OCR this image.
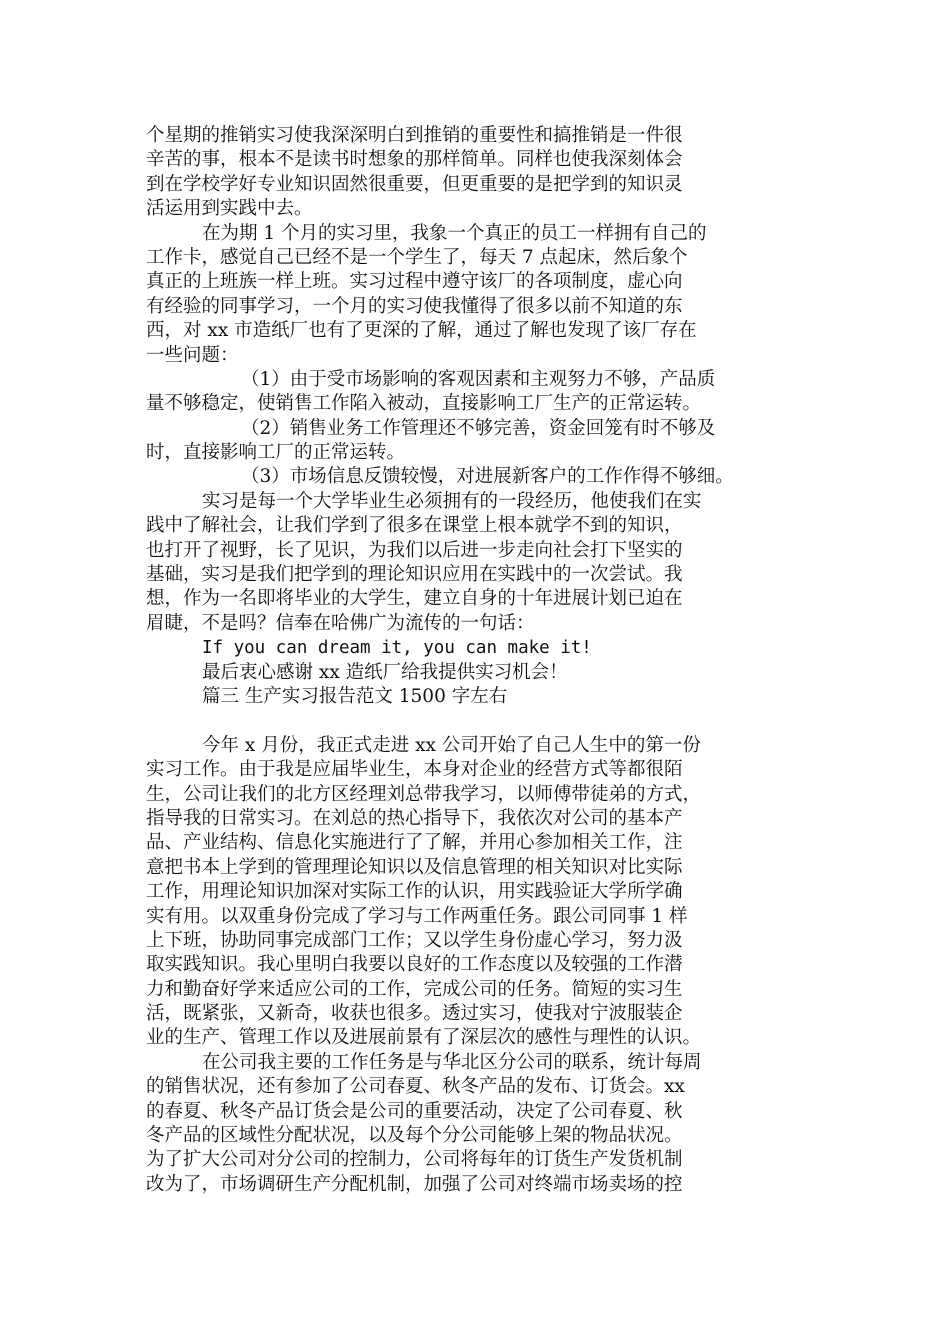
个星期的推销实习使我深深明白到推销的重要性和搞推销是一件很
辛苦的事，根本不是读书时想象的那样简单。同样也使我深刻体会
到在学校学好专业知识固然很重要，但更重要的是把学到的知识灵
活运用到实践中去。
在为期 1 个月的实习里，我象一个真正的员工一样拥有自己的
工作卡，感觉自己已经不是一个学生了，每天 7 点起床，然后象个
真正的上班族一样上班。实习过程中遵守该厂的各项制度，虚心向
有经验的同事学习，一个月的实习使我懂得了很多以前不知道的东
西，对 xx 市造纸厂也有了更深的了解，通过了解也发现了该厂存在
一些问题：
（1）由于受市场影响的客观因素和主观努力不够，产品质
量不够稳定，使销售工作陷入被动，直接影响工厂生产的正常运转。
（2）销售业务工作管理还不够完善，资金回笼有时不够及
时，直接影响工厂的正常运转。
（3）市场信息反馈较慢，对进展新客户的工作作得不够细。
实习是每一个大学毕业生必须拥有的一段经历，他使我们在实
践中了解社会，让我们学到了很多在课堂上根本就学不到的知识，
也打开了视野，长了见识，为我们以后进一步走向社会打下坚实的
基础，实习是我们把学到的理论知识应用在实践中的一次尝试。我
想，作为一名即将毕业的大学生，建立自身的十年进展计划已迫在
眉睫，不是吗？信奉在哈佛广为流传的一句话：
If you can dream it, you can make it!
最后衷心感谢 xx 造纸厂给我提供实习机会！
篇三 生产实习报告范文 1500 字左右
今年 x 月份，我正式走进 xx 公司开始了自己人生中的第一份
实习工作。由于我是应届毕业生，本身对企业的经营方式等都很陌
生，公司让我们的北方区经理刘总带我学习，以师傅带徒弟的方式，
指导我的日常实习。在刘总的热心指导下，我依次对公司的基本产
品、产业结构、信息化实施进行了了解，并用心参加相关工作，注
意把书本上学到的管理理论知识以及信息管理的相关知识对比实际
工作，用理论知识加深对实际工作的认识，用实践验证大学所学确
实有用。以双重身份完成了学习与工作两重任务。跟公司同事 1 样
上下班，协助同事完成部门工作；又以学生身份虚心学习，努力汲
取实践知识。我心里明白我要以良好的工作态度以及较强的工作潜
力和勤奋好学来适应公司的工作，完成公司的任务。简短的实习生
活，既紧张，又新奇，收获也很多。透过实习，使我对宁波服装企
业的生产、管理工作以及进展前景有了深层次的感性与理性的认识。
在公司我主要的工作任务是与华北区分公司的联系，统计每周
的销售状况，还有参加了公司春夏、秋冬产品的发布、订货会。xx
的春夏、秋冬产品订货会是公司的重要活动，决定了公司春夏、秋
冬产品的区域性分配状况，以及每个分公司能够上架的物品状况。
为了扩大公司对分公司的控制力，公司将每年的订货生产发货机制
改为了，市场调研生产分配机制，加强了公司对终端市场卖场的控
